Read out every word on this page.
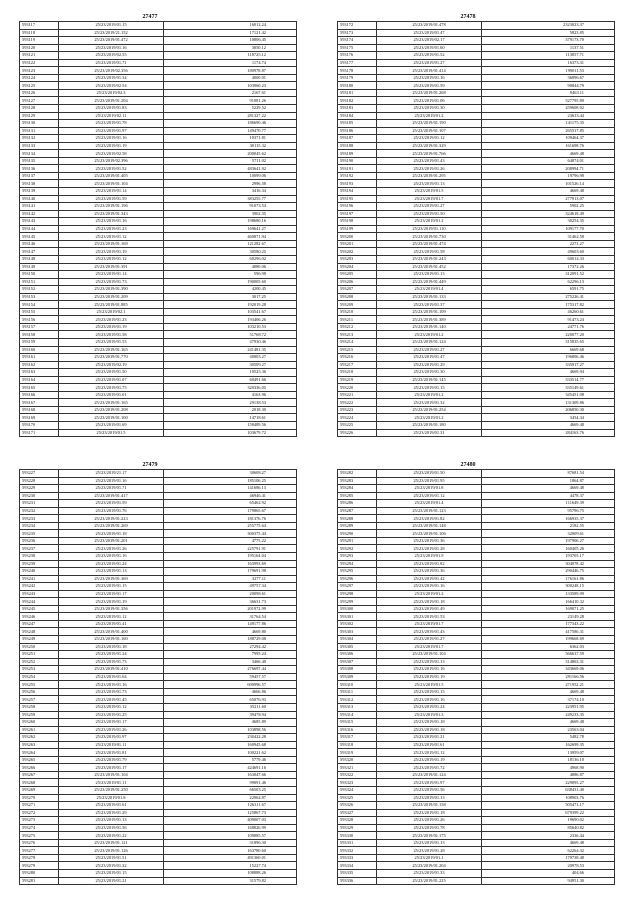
27477
593117	25/23/2019/01.15	16012.24
593118	25/23/2019/21.152	17121.42
593119	25/23/2019/01.472	10806.45
593120	25/23/2019/01.16	3050.12
593121	25/23/2019/02.55	118725.12
593122	25/23/2019/01.71	1174.74
593123	25/23/2019/02.356	180978.87
593124	25/23/2019/01.34	4000.01
593125	25/23/2019/02.54	103960.23
593126	25/23/2019/02.3	2167.61
593127	25/23/2019/01.204	91081.26
593128	25/23/2019/01.83	5229.52
593129	25/23/2019/02.11	281327.22
593130	25/23/2019/01.78	186690.46
593131	25/23/2019/01.97	149470.77
593132	25/23/2019/01.16	10371.81
593133	25/23/2019/01.19	30115.32
593134	25/23/2019/02.58	200045.62
593135	25/23/2019/02.396	5711.02
593136	25/23/2019/01.52	483641.92
593137	25/23/2019/01.405	10099.06
593138	25/23/2019/01.104	2996.58
593139	25/23/2019/01.14	3416.34
593140	25/23/2019/01.59	383255.77
593141	25/23/2019/01.196	91073.54
593142	25/23/2019/01.343	3902.35
593143	25/23/2019/01.16	198680.16
593144	25/23/2019/01.23	169641.27
593145	25/23/2019/01.12	460871.94
593146	25/23/2019/01.169	121282.67
593147	25/23/2019/01.19	30580.25
593148	25/23/2019/01.12	60296.02
593149	25/23/2019/01.391	4080.06
593150	25/23/2019/01.14	596.98
593151	25/23/2019/01.73	190005.60
593152	25/23/2019/01.390	4200.45
593153	25/23/2019/01.209	3017.25
593154	25/23/2019/01.885	192019.28
593155	25/23/2019/02.1	103541.67
593156	25/23/2019/01.23	193406.26
593157	25/23/2019/01.19	103210.53
593158	25/23/2019/01.58	51768.72
593159	25/23/2019/01.53	47930.46
593160	25/23/2019/01.165	241481.35
593161	25/23/2019/01.770	40803.27
593162	25/23/2019/02.19	30509.27
593163	25/23/2019/01.50	10525.36
593164	25/23/2019/01.07	60491.66
593165	25/23/2019/01.75	320336.05
593166	25/23/2019/01.01	4163.96
593167	25/23/2019/01.165	29138.53
593168	25/23/2019/01.208	2018.30
593169	25/23/2019/01.100	14718.61
593170	25/23/2019/01.69	158489.56
593171	25/23/2019/01.5	103679.72
27478
593172	25/23/2019/01.478	2323023.37
593173	25/23/2019/01.47	5823.85
593174	25/23/2019/02.17	379173.70
593175	25/23/2019/01.60	1137.51
593176	25/23/2019/01.52	113857.71
593177	25/23/2019/01.27	16373.31
593178	25/23/2019/01.414	199011.53
593179	25/23/2019/01.16	36896.67
593180	25/23/2019/01.59	90844.79
593181	25/23/2019/01.268	9463.11
593182	25/23/2019/01.06	527795.89
593183	25/23/2019/01.30	259608.02
593184	25/23/2019/01.2	23613.44
593185	25/23/2019/01.190	141175.35
593186	25/23/2019/01.107	265517.85
593187	25/23/2019/01.12	109464.37
593188	25/23/2019/01.329	161698.76
593189	25/23/2019/01.766	4669.48
593190	25/23/2019/01.43	64874.01
593191	25/23/2019/01.26	208994.71
593192	25/23/2019/01.295	19796.98
593193	25/23/2019/01.13	101526.14
593194	25/23/2019/01.5	4669.48
593195	25/23/2019/01.7	277913.07
593196	25/23/2019/01.27	5902.25
593197	25/23/2019/01.50	324618.49
593198	25/23/2019/01.2	30254.35
593199	25/23/2019/01.110	109177.70
593200	25/23/2019/01.730	31462.58
593201	25/23/2019/01.474	2271.27
593202	25/23/2019/01.58	49603.60
593203	25/23/2019/01.243	60014.33
593204	25/23/2019/01.452	17372.26
593205	25/23/2019/01.13	312091.52
593206	25/23/2019/01.449	62296.13
593207	25/23/2019/01.4	6591.75
593208	25/23/2019/01.133	275226.41
593209	25/23/2019/01.37	175317.82
593210	25/23/2019/01.109	46260.61
593211	25/23/2019/01.389	91473.24
593212	25/23/2019/01.140	24771.76
593213	25/23/2019/01.2	220077.20
593214	25/23/2019/01.124	315835.65
593215	25/23/2019/01.27	6669.68
593216	25/23/2019/01.47	196806.46
593217	25/23/2019/01.29	335917.27
593218	25/23/2019/01.30	4669.94
593219	25/23/2019/01.145	333514.77
593220	25/23/2019/01.15	335149.61
593221	25/23/2019/01.2	345451.08
593222	25/23/2019/01.32	131309.86
593223	25/23/2019/01.254	206850.30
593224	25/23/2019/01.2	3454.34
593225	25/23/2019/01.180	4669.48
593226	25/23/2019/01.31	284163.76
27479
593227	25/23/2019/21.17	30608.27
593228	25/23/2019/01.16	185106.25
593229	25/23/2019/01.71	141686.13
593230	25/23/2019/01.417	46946.41
593231	25/23/2019/01.59	65462.92
593232	25/23/2019/01.76	179865.67
593233	25/23/2019/01.223	181376.76
593234	25/23/2019/01.269	255775.64
593235	25/23/2019/01.18	300375.44
593236	25/23/2019/01.201	4775.22
593237	25/23/2019/01.26	225791.91
593238	25/23/2019/01.16	195164.04
593239	25/23/2019/01.24	163993.69
593240	25/23/2019/01.13	179691.98
593241	25/23/2019/01.369	3277.11
593242	25/23/2019/01.15	49757.34
593243	25/23/2019/01.17	20098.61
593244	25/23/2019/01.19	36631.73
593245	25/23/2019/01.356	201972.99
593246	25/23/2019/01.12	31764.54
593247	25/23/2019/01.41	149177.86
593248	25/23/2019/01.400	4669.80
593249	25/23/2019/01.160	188729.08
593250	25/23/2019/01.18	27294.42
593251	25/23/2019/01.24	7995.24
593252	25/23/2019/01.73	3466.40
593253	25/23/2019/01.410	276697.44
593254	25/23/2019/01.64	59457.57
593255	25/23/2019/01.16	690996.57
593256	25/23/2019/01.73	4666.86
593257	25/23/2019/01.45	65076.93
593258	25/23/2019/01.12	35211.60
593259	25/23/2019/01.25	39478.94
593260	25/23/2019/01.17	4685.89
593261	25/23/2019/01.26	103898.56
593262	25/23/2019/01.97	230422.28
593263	25/23/2019/01.11	160945.68
593264	25/23/2019/01.81	100221.62
593265	25/23/2019/01.79	5779.46
593266	25/23/2019/01.17	424691.16
593267	25/23/2019/01.104	163047.66
593268	25/23/2019/01.11	99891.46
593269	25/23/2019/01.250	66503.25
593270	25/23/2019/01.8	22964.87
593271	25/23/2019/01.61	126311.67
593272	25/23/2019/01.29	125867.73
593273	25/23/2019/01.13	409007.03
593274	25/23/2019/01.56	168826.99
593275	25/23/2019/01.22	109885.57
593276	25/23/2019/01.121	31896.30
593277	25/23/2019/01.126	163780.60
593278	25/23/2019/01.51	491360.01
593279	25/23/2019/01.32	15227.74
593280	25/23/2019/01.15	108888.26
593281	25/23/2019/01.21	31579.82
27480
593282	25/23/2019/01.50	87681.54
593283	25/23/2019/01.95	1864.87
593284	25/23/2019/01.8	4669.48
593285	25/23/2019/01.12	4478.37
593286	25/23/2019/01.4	111649.39
593287	25/23/2019/01.123	95796.75
593288	25/23/2019/01.82	166935.37
593289	25/23/2019/01.148	2182.55
593290	25/23/2019/01.106	32009.61
593291	25/23/2019/01.36	197906.27
593292	25/23/2019/01.28	160405.26
593293	25/23/2019/01.9	193705.17
593294	25/23/2019/01.82	304078.42
593295	25/23/2019/01.36	290446.75
593296	25/23/2019/01.42	176161.86
593297	25/23/2019/01.16	300248.15
593298	25/23/2019/01.2	133589.09
593299	25/23/2019/01.18	166410.32
593300	25/23/2019/01.49	169071.25
593301	25/23/2019/01.53	23149.28
593302	25/23/2019/01.7	177343.22
593303	25/23/2019/01.43	417586.31
593304	25/23/2019/01.27	199668.69
593305	25/23/2019/01.7	6362.03
593306	25/23/2019/01.104	566637.59
593307	25/23/2019/01.13	314863.31
593308	25/23/2019/01.16	343669.06
593309	25/23/2019/01.19	291166.56
593310	25/23/2019/01.5	271952.21
593311	25/23/2019/01.15	4669.48
593312	25/23/2019/01.16	37174.10
593313	25/23/2019/01.24	223951.95
593314	25/23/2019/01.3	249233.35
593315	25/23/2019/01.18	4669.48
593316	25/23/2019/01.18	23563.04
593317	25/23/2019/01.21	5482.78
593318	25/23/2019/01.61	162699.35
593319	25/23/2019/01.12	13959.07
593320	25/23/2019/01.19	18136.10
593321	25/23/2019/01.72	4968.90
593322	25/23/2019/01.124	4886.87
593323	25/23/2019/01.97	229095.27
593324	25/23/2019/01.56	638431.40
593325	25/23/2019/01.13	108903.76
593326	25/23/2019/01.158	505471.17
593327	25/23/2019/01.18	679399.22
593328	25/23/2019/01.26	19690.02
593329	25/23/2019/01.78	85640.82
593330	25/23/2019/01.175	2336.44
593331	25/23/2019/01.13	4669.48
593332	25/23/2019/01.28	62264.32
593333	25/23/2019/01.1	179738.48
593334	25/23/2019/01.204	20978.53
593335	25/23/2019/01.33	404.66
593336	25/23/2019/01.225	94951.30
